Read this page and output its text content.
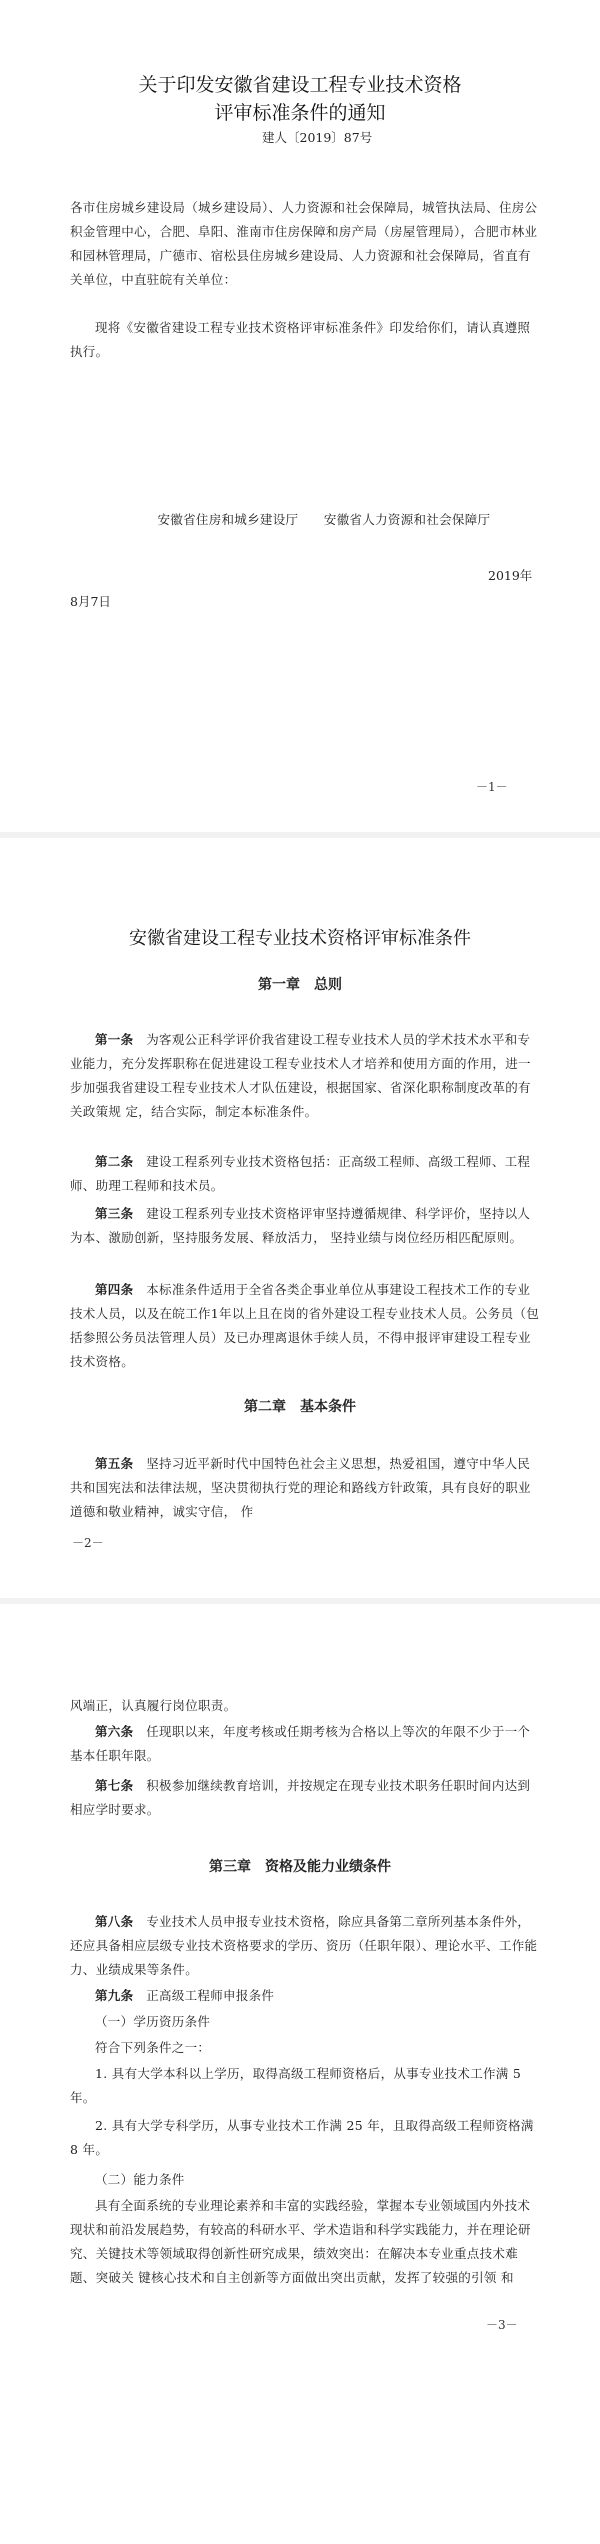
关于印发安徽省建设工程专业技术资格
评审标准条件的通知
建人〔2019〕87号
各市住房城乡建设局（城乡建设局）、人力资源和社会保障局，城管执法局、住房公积金管理中心，合肥、阜阳、淮南市住房保障和房产局（房屋管理局），合肥市林业和园林管理局，广德市、宿松县住房城乡建设局、人力资源和社会保障局，省直有关单位，中直驻皖有关单位：
现将《安徽省建设工程专业技术资格评审标准条件》印发给你们，请认真遵照执行。
安徽省住房和城乡建设厅　　安徽省人力资源和社会保障厅
2019年
8月7日
－1－
安徽省建设工程专业技术资格评审标准条件
第一章　总则
第一条　 为客观公正科学评价我省建设工程专业技术人员的学术技术水平和专业能力，充分发挥职称在促进建设工程专业技术人才培养和使用方面的作用，进一步加强我省建设工程专业技术人才队伍建设，根据国家、省深化职称制度改革的有关政策规 定，结合实际，制定本标准条件。
第二条　 建设工程系列专业技术资格包括：正高级工程师、高级工程师、工程师、助理工程师和技术员。
第三条　 建设工程系列专业技术资格评审坚持遵循规律、科学评价，坚持以人为本、激励创新，坚持服务发展、释放活力， 坚持业绩与岗位经历相匹配原则。
第四条　 本标准条件适用于全省各类企事业单位从事建设工程技术工作的专业技术人员，以及在皖工作1年以上且在岗的省外建设工程专业技术人员。公务员（包括参照公务员法管理人员）及已办理离退休手续人员，不得申报评审建设工程专业技术资格。
第二章　基本条件
第五条　 坚持习近平新时代中国特色社会主义思想，热爱祖国，遵守中华人民共和国宪法和法律法规，坚决贯彻执行党的理论和路线方针政策，具有良好的职业道德和敬业精神，诚实守信， 作
－2－
风端正，认真履行岗位职责。
第六条　 任现职以来，年度考核或任期考核为合格以上等次的年限不少于一个基本任职年限。
第七条　 积极参加继续教育培训，并按规定在现专业技术职务任职时间内达到相应学时要求。
第三章　资格及能力业绩条件
第八条　 专业技术人员申报专业技术资格，除应具备第二章所列基本条件外，还应具备相应层级专业技术资格要求的学历、资历（任职年限）、理论水平、工作能力、业绩成果等条件。
第九条　 正高级工程师申报条件
（一）学历资历条件
符合下列条件之一：
1. 具有大学本科以上学历，取得高级工程师资格后，从事专业技术工作满 5 年。
2. 具有大学专科学历，从事专业技术工作满 25 年，且取得高级工程师资格满 8 年。
（二）能力条件
具有全面系统的专业理论素养和丰富的实践经验，掌握本专业领域国内外技术现状和前沿发展趋势，有较高的科研水平、学术造诣和科学实践能力，并在理论研究、关键技术等领域取得创新性研究成果，绩效突出：在解决本专业重点技术难题、突破关 键核心技术和自主创新等方面做出突出贡献，发挥了较强的引领 和
－3－
